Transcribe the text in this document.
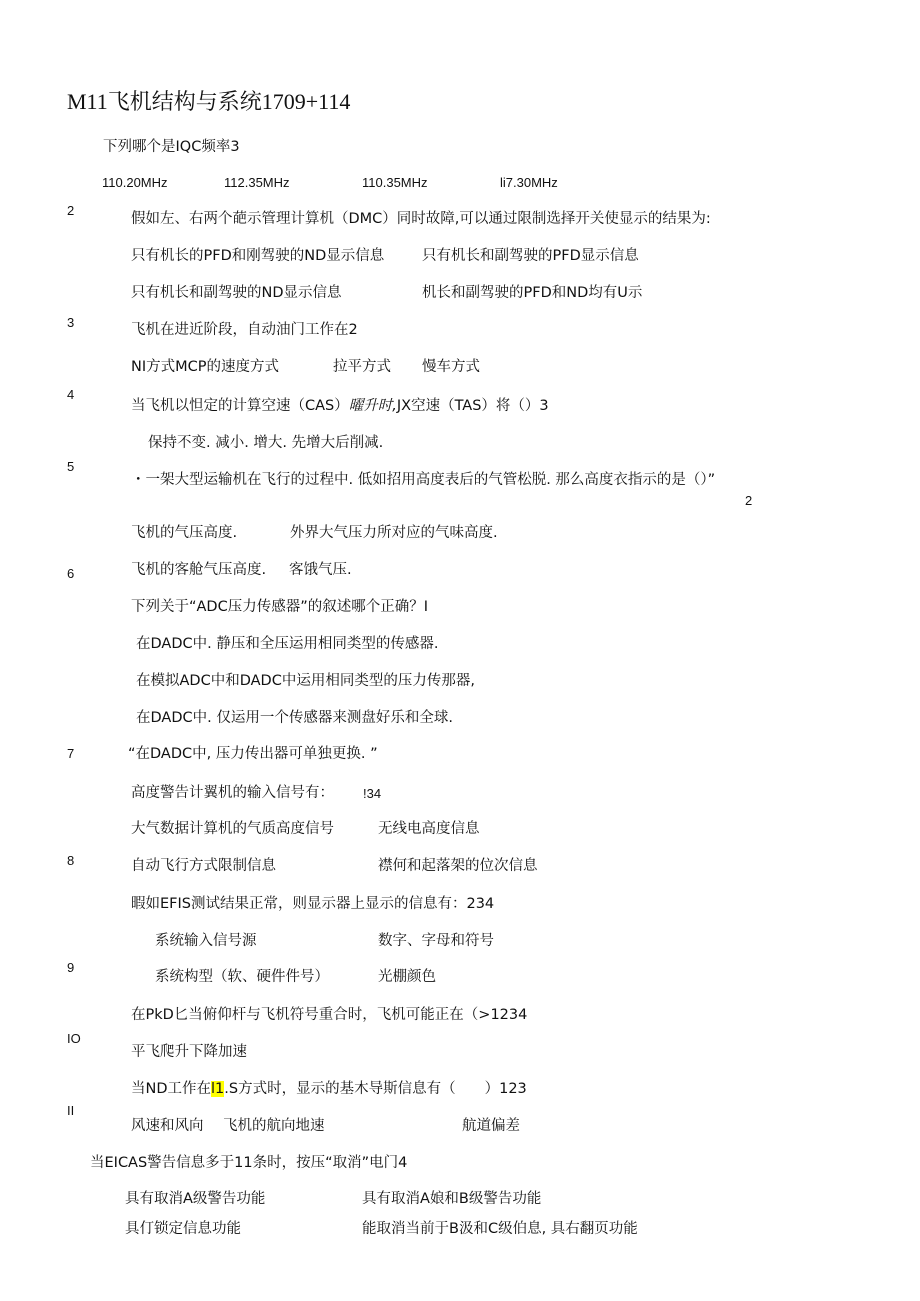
M11飞机结构与系统1709+114
下列哪个是IQC频率3
110.20MHz	112.35MHz	110.35MHz	li7.30MHz
2
假如左、右两个葩示管理计算机（DMC）同时故障,可以通过限制选择开关使显示的结果为:
只有机长的PFD和刚驾驶的ND显示信息	只有机长和副驾驶的PFD显示信息
只有机长和副驾驶的ND显示信息	机长和副驾驶的PFD和ND均有U示
3	飞机在进近阶段，自动油门工作在2
NI方式MCP的速度方式	拉平方式 慢车方式
4
当飞机以怛定的计算空速（CAS）曜升时,JX空速（TAS）将（）3
保持不变. 减小. 增大. 先增大后削减.
5
・一架大型运输机在飞行的过程中. 低如招用高度表后的气管松脱. 那么高度衣指示的是（）”
2
飞机的气压高度.	外界大气压力所对应的气味高度.
6	飞机的客舱气压高度. 客饿气压.
下列关于“ADC压力传感器”的叙述哪个正确？I
在DADC中. 静压和全压运用相同类型的传感器.
在模拟ADC中和DADC中运用相同类型的压力传那器,
在DADC中. 仅运用一个传感器来测盘好乐和全球.
7	“在DADC中, 压力传出器可单独更换. ”
高度警告计翼机的输入信号有： !34
大气数据计算机的气质高度信号	无线电高度信息
8	自动飞行方式限制信息	襟何和起落架的位次信息
暇如EFIS测试结果正常，则显示器上显示的信息有：234
系统输入信号源	数字、字母和符号
9
系统构型（软、硬件件号）	光棚颜色
在PkD匕当俯仰杆与飞机符号重合时，飞机可能正在（>1234
IO
平飞爬升下降加速
当ND工作在l1.S方式时，显示的基木导斯信息有（　　）123
II
风速和风向 飞机的航向地速	航道偏差
当EICAS警告信息多于11条时，按压“取消”电门4
具有取消A级警告功能	具有取消A娘和B级警告功能
具仃锁定信息功能	能取消当前于B汲和C级伯息, 具右翻页功能
